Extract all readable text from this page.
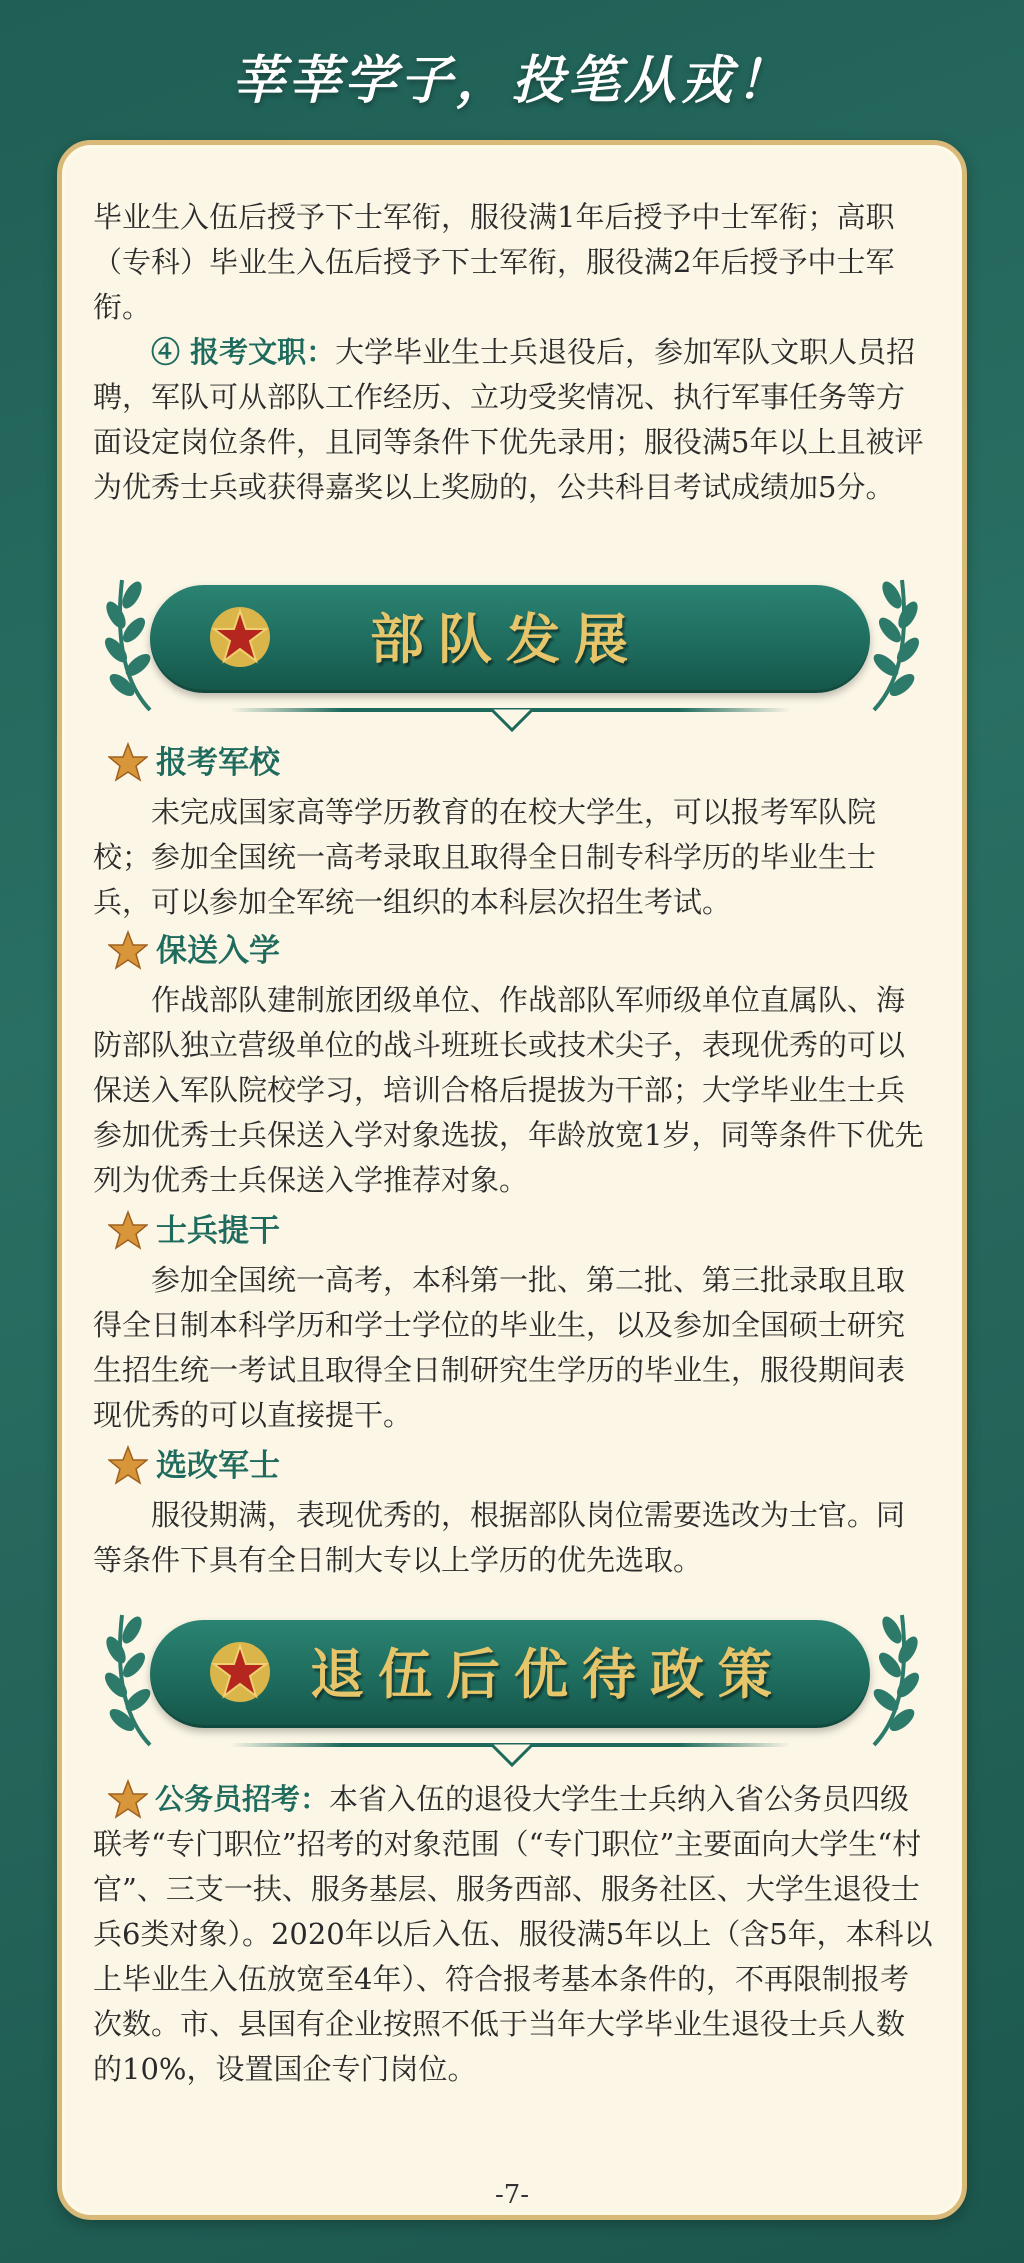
莘莘学子，投笔从戎！
毕业生入伍后授予下士军衔，服役满1年后授予中士军衔；高职（专科）毕业生入伍后授予下士军衔，服役满2年后授予中士军衔。
④ 报考文职：大学毕业生士兵退役后，参加军队文职人员招聘，军队可从部队工作经历、立功受奖情况、执行军事任务等方面设定岗位条件，且同等条件下优先录用；服役满5年以上且被评为优秀士兵或获得嘉奖以上奖励的，公共科目考试成绩加5分。
部队发展
报考军校
未完成国家高等学历教育的在校大学生，可以报考军队院校；参加全国统一高考录取且取得全日制专科学历的毕业生士兵，可以参加全军统一组织的本科层次招生考试。
保送入学
作战部队建制旅团级单位、作战部队军师级单位直属队、海防部队独立营级单位的战斗班班长或技术尖子，表现优秀的可以保送入军队院校学习，培训合格后提拔为干部；大学毕业生士兵参加优秀士兵保送入学对象选拔，年龄放宽1岁，同等条件下优先列为优秀士兵保送入学推荐对象。
士兵提干
参加全国统一高考，本科第一批、第二批、第三批录取且取得全日制本科学历和学士学位的毕业生，以及参加全国硕士研究生招生统一考试且取得全日制研究生学历的毕业生，服役期间表现优秀的可以直接提干。
选改军士
服役期满，表现优秀的，根据部队岗位需要选改为士官。同等条件下具有全日制大专以上学历的优先选取。
退伍后优待政策
公务员招考：本省入伍的退役大学生士兵纳入省公务员四级联考“专门职位”招考的对象范围（“专门职位”主要面向大学生“村官”、三支一扶、服务基层、服务西部、服务社区、大学生退役士兵6类对象）。2020年以后入伍、服役满5年以上（含5年，本科以上毕业生入伍放宽至4年）、符合报考基本条件的，不再限制报考次数。市、县国有企业按照不低于当年大学毕业生退役士兵人数的10%，设置国企专门岗位。
-7-
